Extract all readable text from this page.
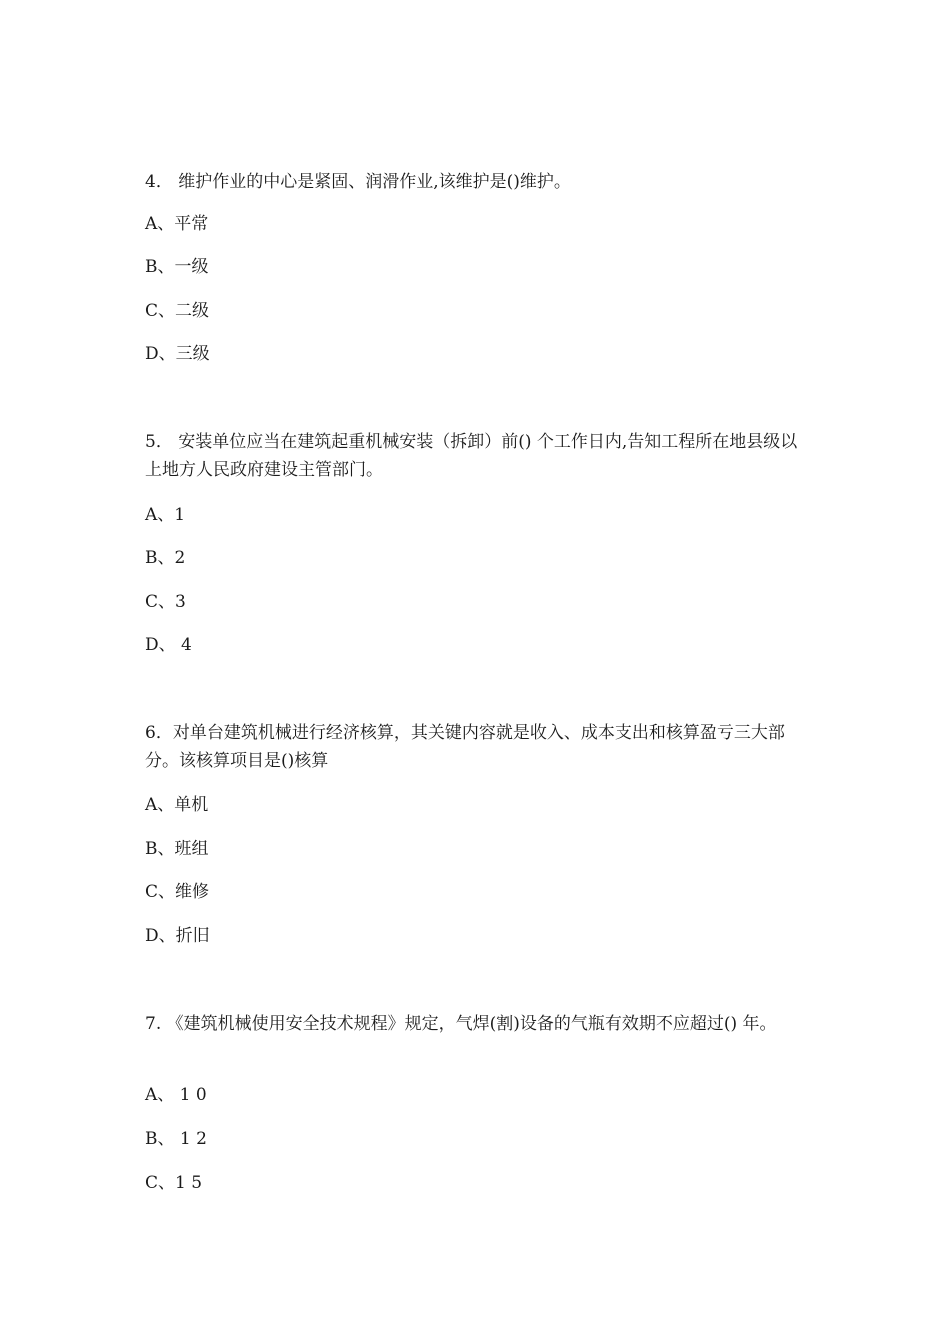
4． 维护作业的中心是紧固、润滑作业,该维护是()维护。
A、平常
B、一级
C、二级
D、三级
5． 安装单位应当在建筑起重机械安装（拆卸）前() 个工作日内,告知工程所在地县级以上地方人民政府建设主管部门。
A、1
B、2
C、3
D、 4
6．对单台建筑机械进行经济核算，其关键内容就是收入、成本支出和核算盈亏三大部分。该核算项目是()核算
A、单机
B、班组
C、维修
D、折旧
7. 《建筑机械使用安全技术规程》规定，气焊(割)设备的气瓶有效期不应超过() 年。
A、 1 0
B、 1 2
C、1 5
